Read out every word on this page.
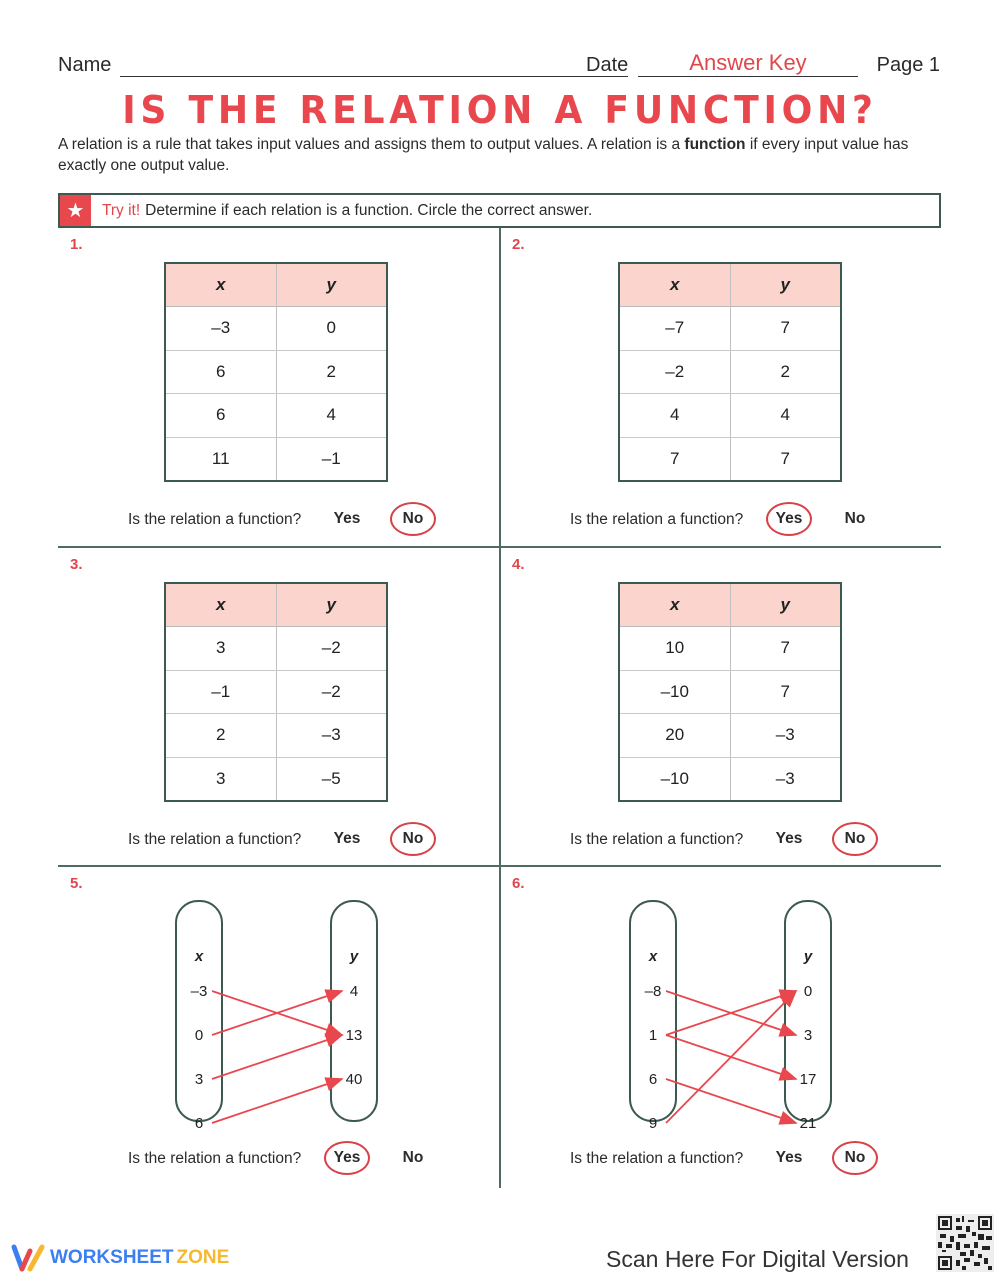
Name	Date	Answer Key	Page 1
IS THE RELATION A FUNCTION?

A relation is a rule that takes input values and assigns them to output values. A relation is a function if every input value has exactly one output value.

★	Try it! Determine if each relation is a function. Circle the correct answer.
1.
x	y
–3	0
6	2
6	4
11	–1
Is the relation a function?	Yes	No
2.
x	y
–7	7
–2	2
4	4
7	7
Is the relation a function?	Yes	No
3.
x	y
3	–2
–1	–2
2	–3
3	–5
Is the relation a function?	Yes	No
4.
x	y
10	7
–10	7
20	–3
–10	–3
Is the relation a function?	Yes	No
5.
x	y
–3
0
3
6
4
13
40
Is the relation a function?	Yes	No
6.
x	y
–8
1
6
9
0
3
17
21
Is the relation a function?	Yes	No
WORKSHEET ZONE	Scan Here For Digital Version
